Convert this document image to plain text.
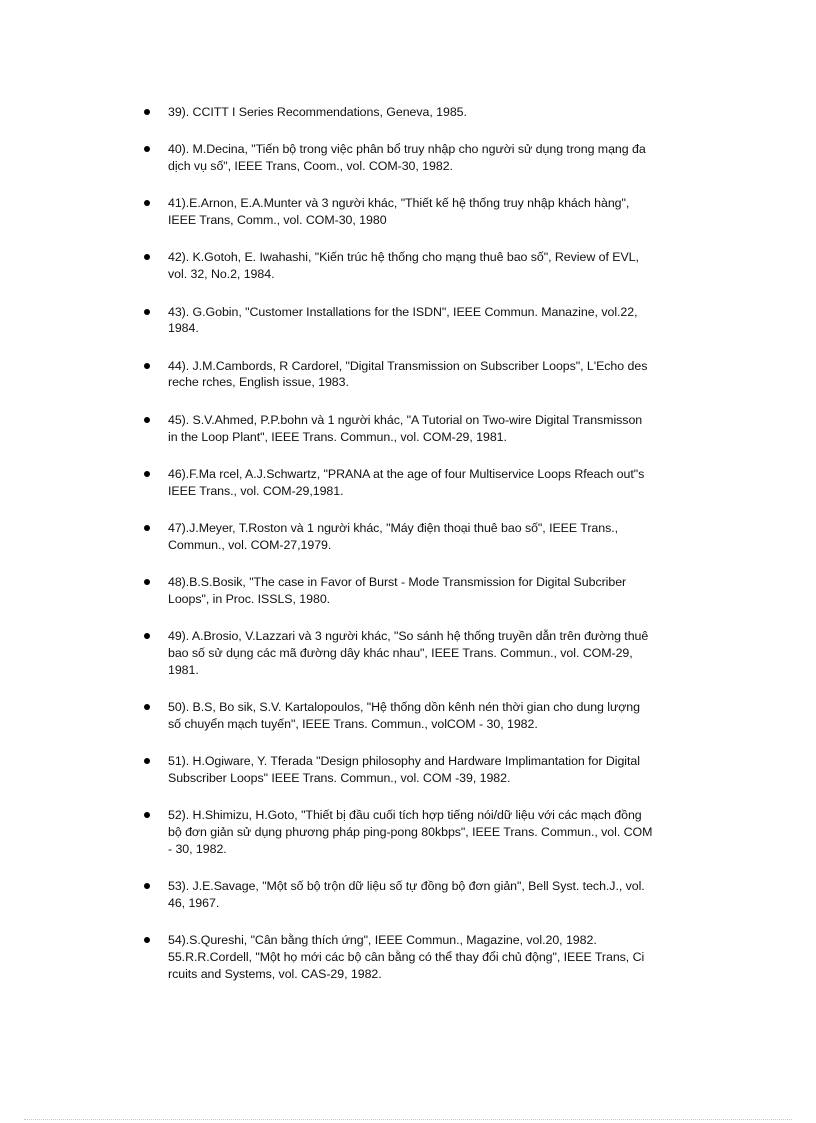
39). CCITT I Series Recommendations, Geneva, 1985.
40). M.Decina, "Tiến bộ trong việc phân bổ truy nhập cho người sử dụng trong mạng đa
dịch vụ số", IEEE Trans, Coom., vol. COM-30, 1982.
41).E.Arnon, E.A.Munter và 3 người khác, "Thiết kế hệ thống truy nhập khách hàng",
IEEE Trans, Comm., vol. COM-30, 1980
42). K.Gotoh, E. Iwahashi, "Kiến trúc hệ thống cho mạng thuê bao số", Review of EVL,
vol. 32, No.2, 1984.
43). G.Gobin, "Customer Installations for the ISDN", IEEE Commun. Manazine, vol.22,
1984.
44). J.M.Cambords, R Cardorel, "Digital Transmission on Subscriber Loops", L'Echo des
reche rches, English issue, 1983.
45). S.V.Ahmed, P.P.bohn và 1 người khác, "A Tutorial on Two-wire Digital Transmisson
in the Loop Plant", IEEE Trans. Commun., vol. COM-29, 1981.
46).F.Ma rcel, A.J.Schwartz, "PRANA at the age of four Multiservice Loops Rfeach out"s
IEEE Trans., vol. COM-29,1981.
47).J.Meyer, T.Roston và 1 người khác, "Máy điện thoại thuê bao số", IEEE Trans.,
Commun., vol. COM-27,1979.
48).B.S.Bosik, "The case in Favor of Burst - Mode Transmission for Digital Subcriber
Loops", in Proc. ISSLS, 1980.
49). A.Brosio, V.Lazzari và 3 người khác, "So sánh hệ thống truyền dẫn trên đường thuê
bao số sử dụng các mã đường dây khác nhau", IEEE Trans. Commun., vol. COM-29,
1981.
50). B.S, Bo sik, S.V. Kartalopoulos, "Hệ thống dồn kênh nén thời gian cho dung lượng
số chuyển mạch tuyến", IEEE Trans. Commun., volCOM - 30, 1982.
51). H.Ogiware, Y. Tferada "Design philosophy and Hardware Implimantation for Digital
Subscriber Loops" IEEE Trans. Commun., vol. COM -39, 1982.
52). H.Shimizu, H.Goto, "Thiết bị đầu cuối tích hợp tiếng nói/dữ liệu với các mạch đồng
bộ đơn giản sử dụng phương pháp ping-pong 80kbps", IEEE Trans. Commun., vol. COM
- 30, 1982.
53). J.E.Savage, "Một số bộ trộn dữ liệu số tự đồng bộ đơn giản", Bell Syst. tech.J., vol.
46, 1967.
54).S.Qureshi, "Cân bằng thích ứng", IEEE Commun., Magazine, vol.20, 1982.
55.R.R.Cordell, "Một họ mới các bộ cân bằng có thể thay đổi chủ động", IEEE Trans, Ci
rcuits and Systems, vol. CAS-29, 1982.
